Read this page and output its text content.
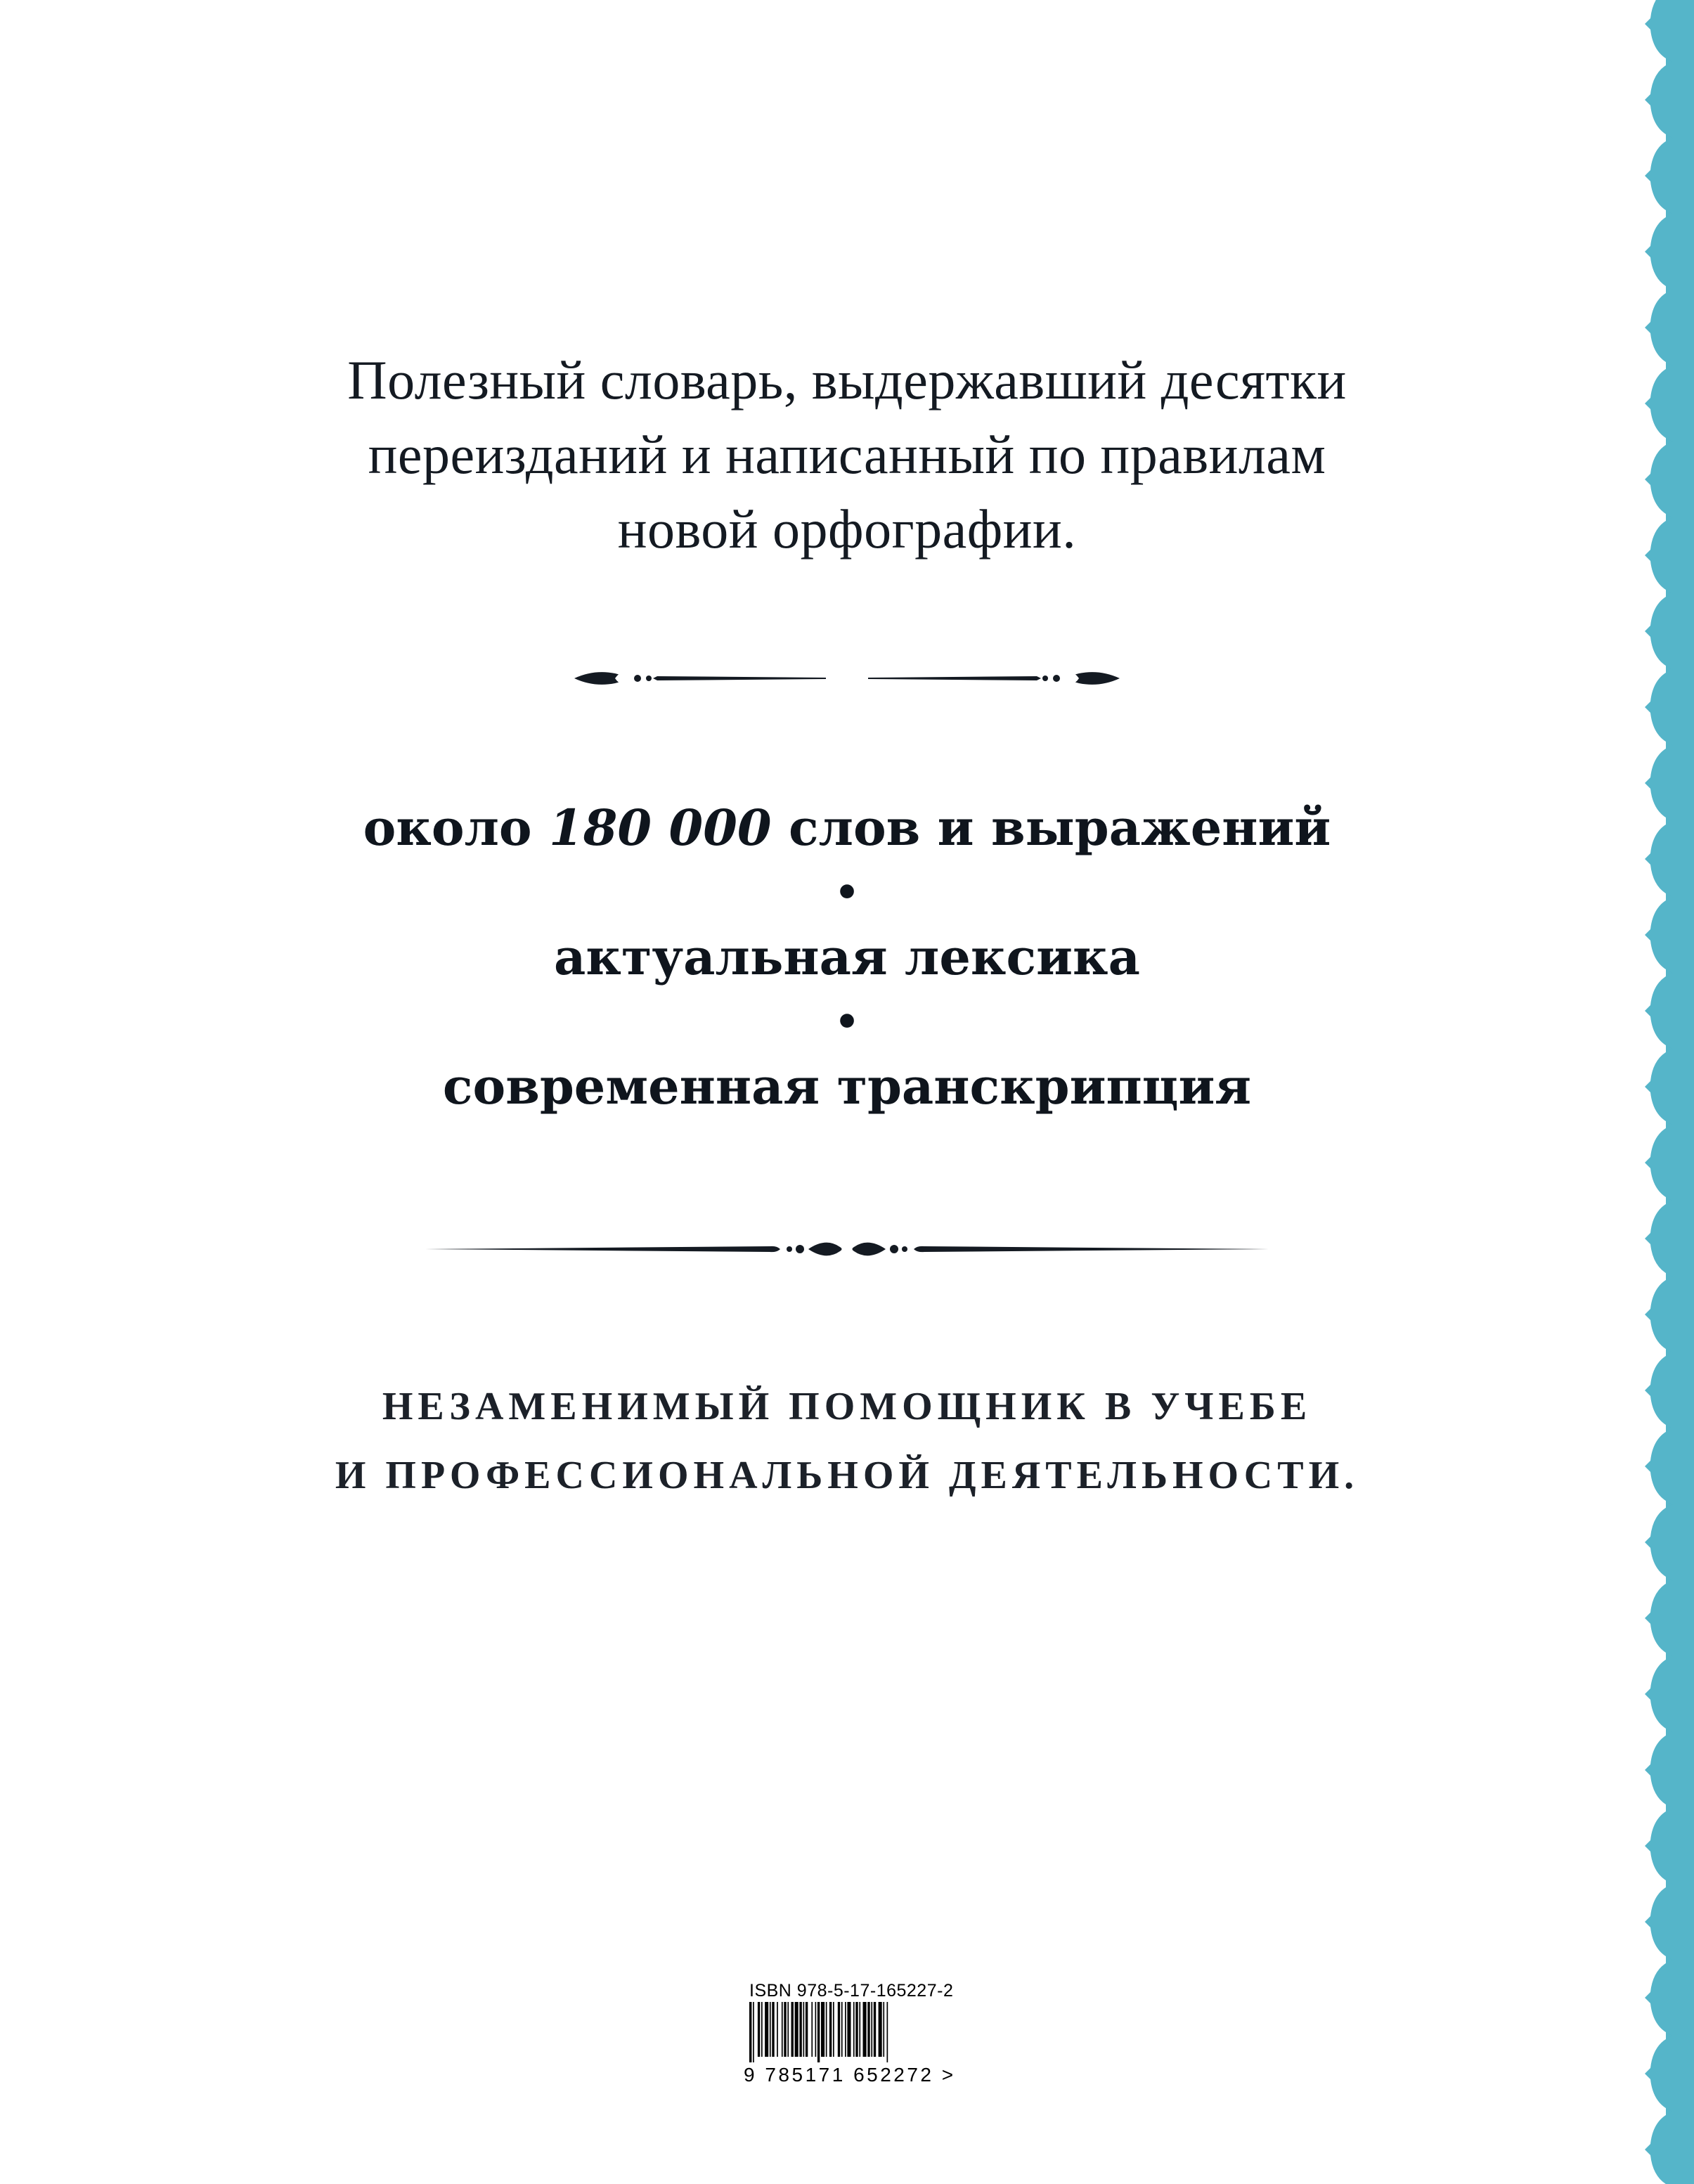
Полезный словарь, выдержавший десятки
переизданий и написанный по правилам
новой орфографии.
около 180 000 слов и выражений
•
актуальная лексика
•
современная транскрипция
НЕЗАМЕНИМЫЙ ПОМОЩНИК В УЧЕБЕ
И ПРОФЕССИОНАЛЬНОЙ ДЕЯТЕЛЬНОСТИ.
ISBN 978-5-17-165227-2
9 785171 652272 >
